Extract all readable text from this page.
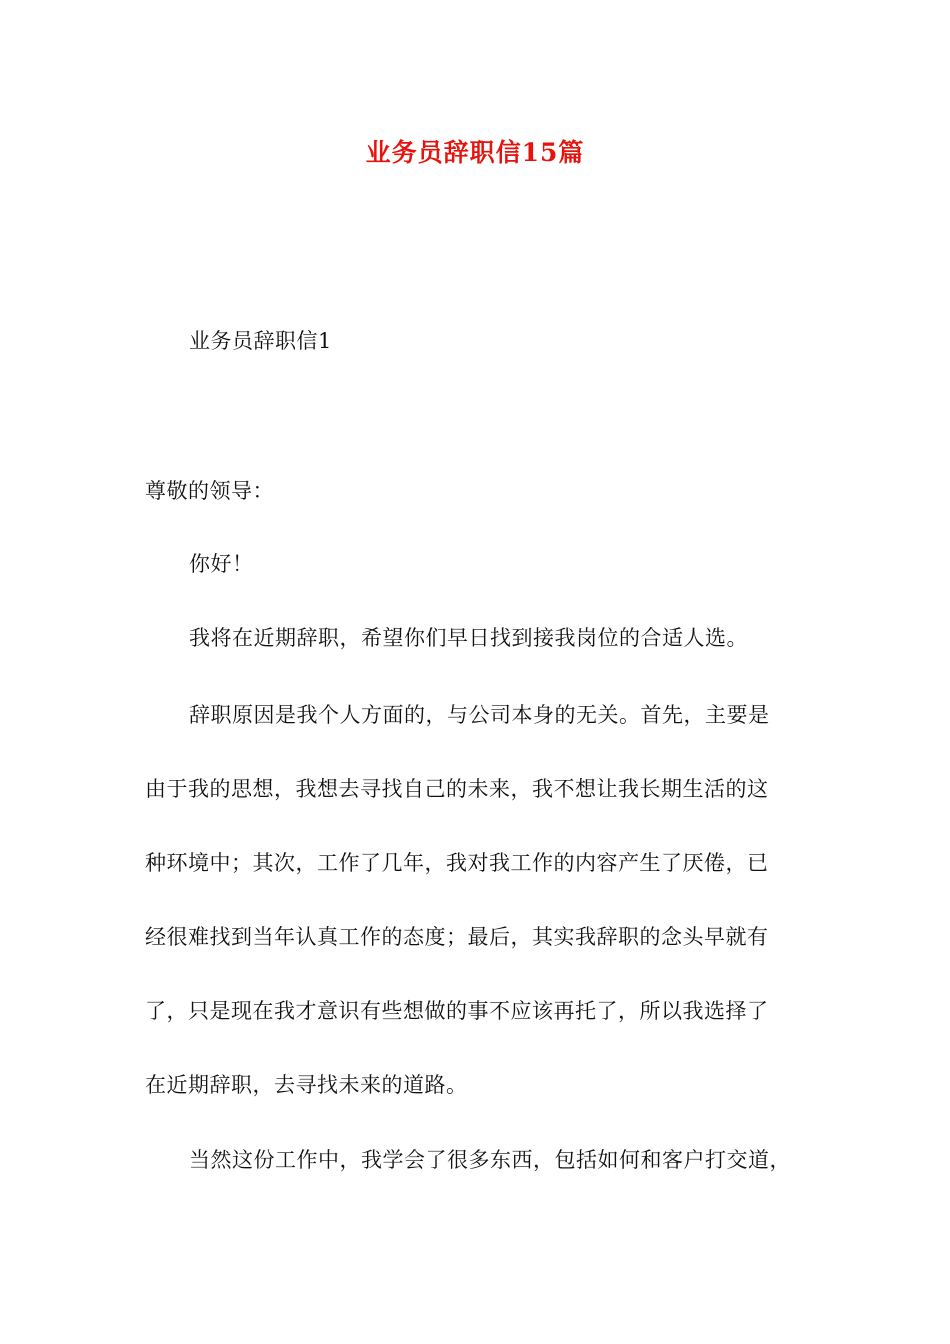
业务员辞职信15篇
业务员辞职信1
尊敬的领导：
你好！
我将在近期辞职，希望你们早日找到接我岗位的合适人选。
辞职原因是我个人方面的，与公司本身的无关。首先，主要是
由于我的思想，我想去寻找自己的未来，我不想让我长期生活的这
种环境中；其次，工作了几年，我对我工作的内容产生了厌倦，已
经很难找到当年认真工作的态度；最后，其实我辞职的念头早就有
了，只是现在我才意识有些想做的事不应该再托了，所以我选择了
在近期辞职，去寻找未来的道路。
当然这份工作中，我学会了很多东西，包括如何和客户打交道，
